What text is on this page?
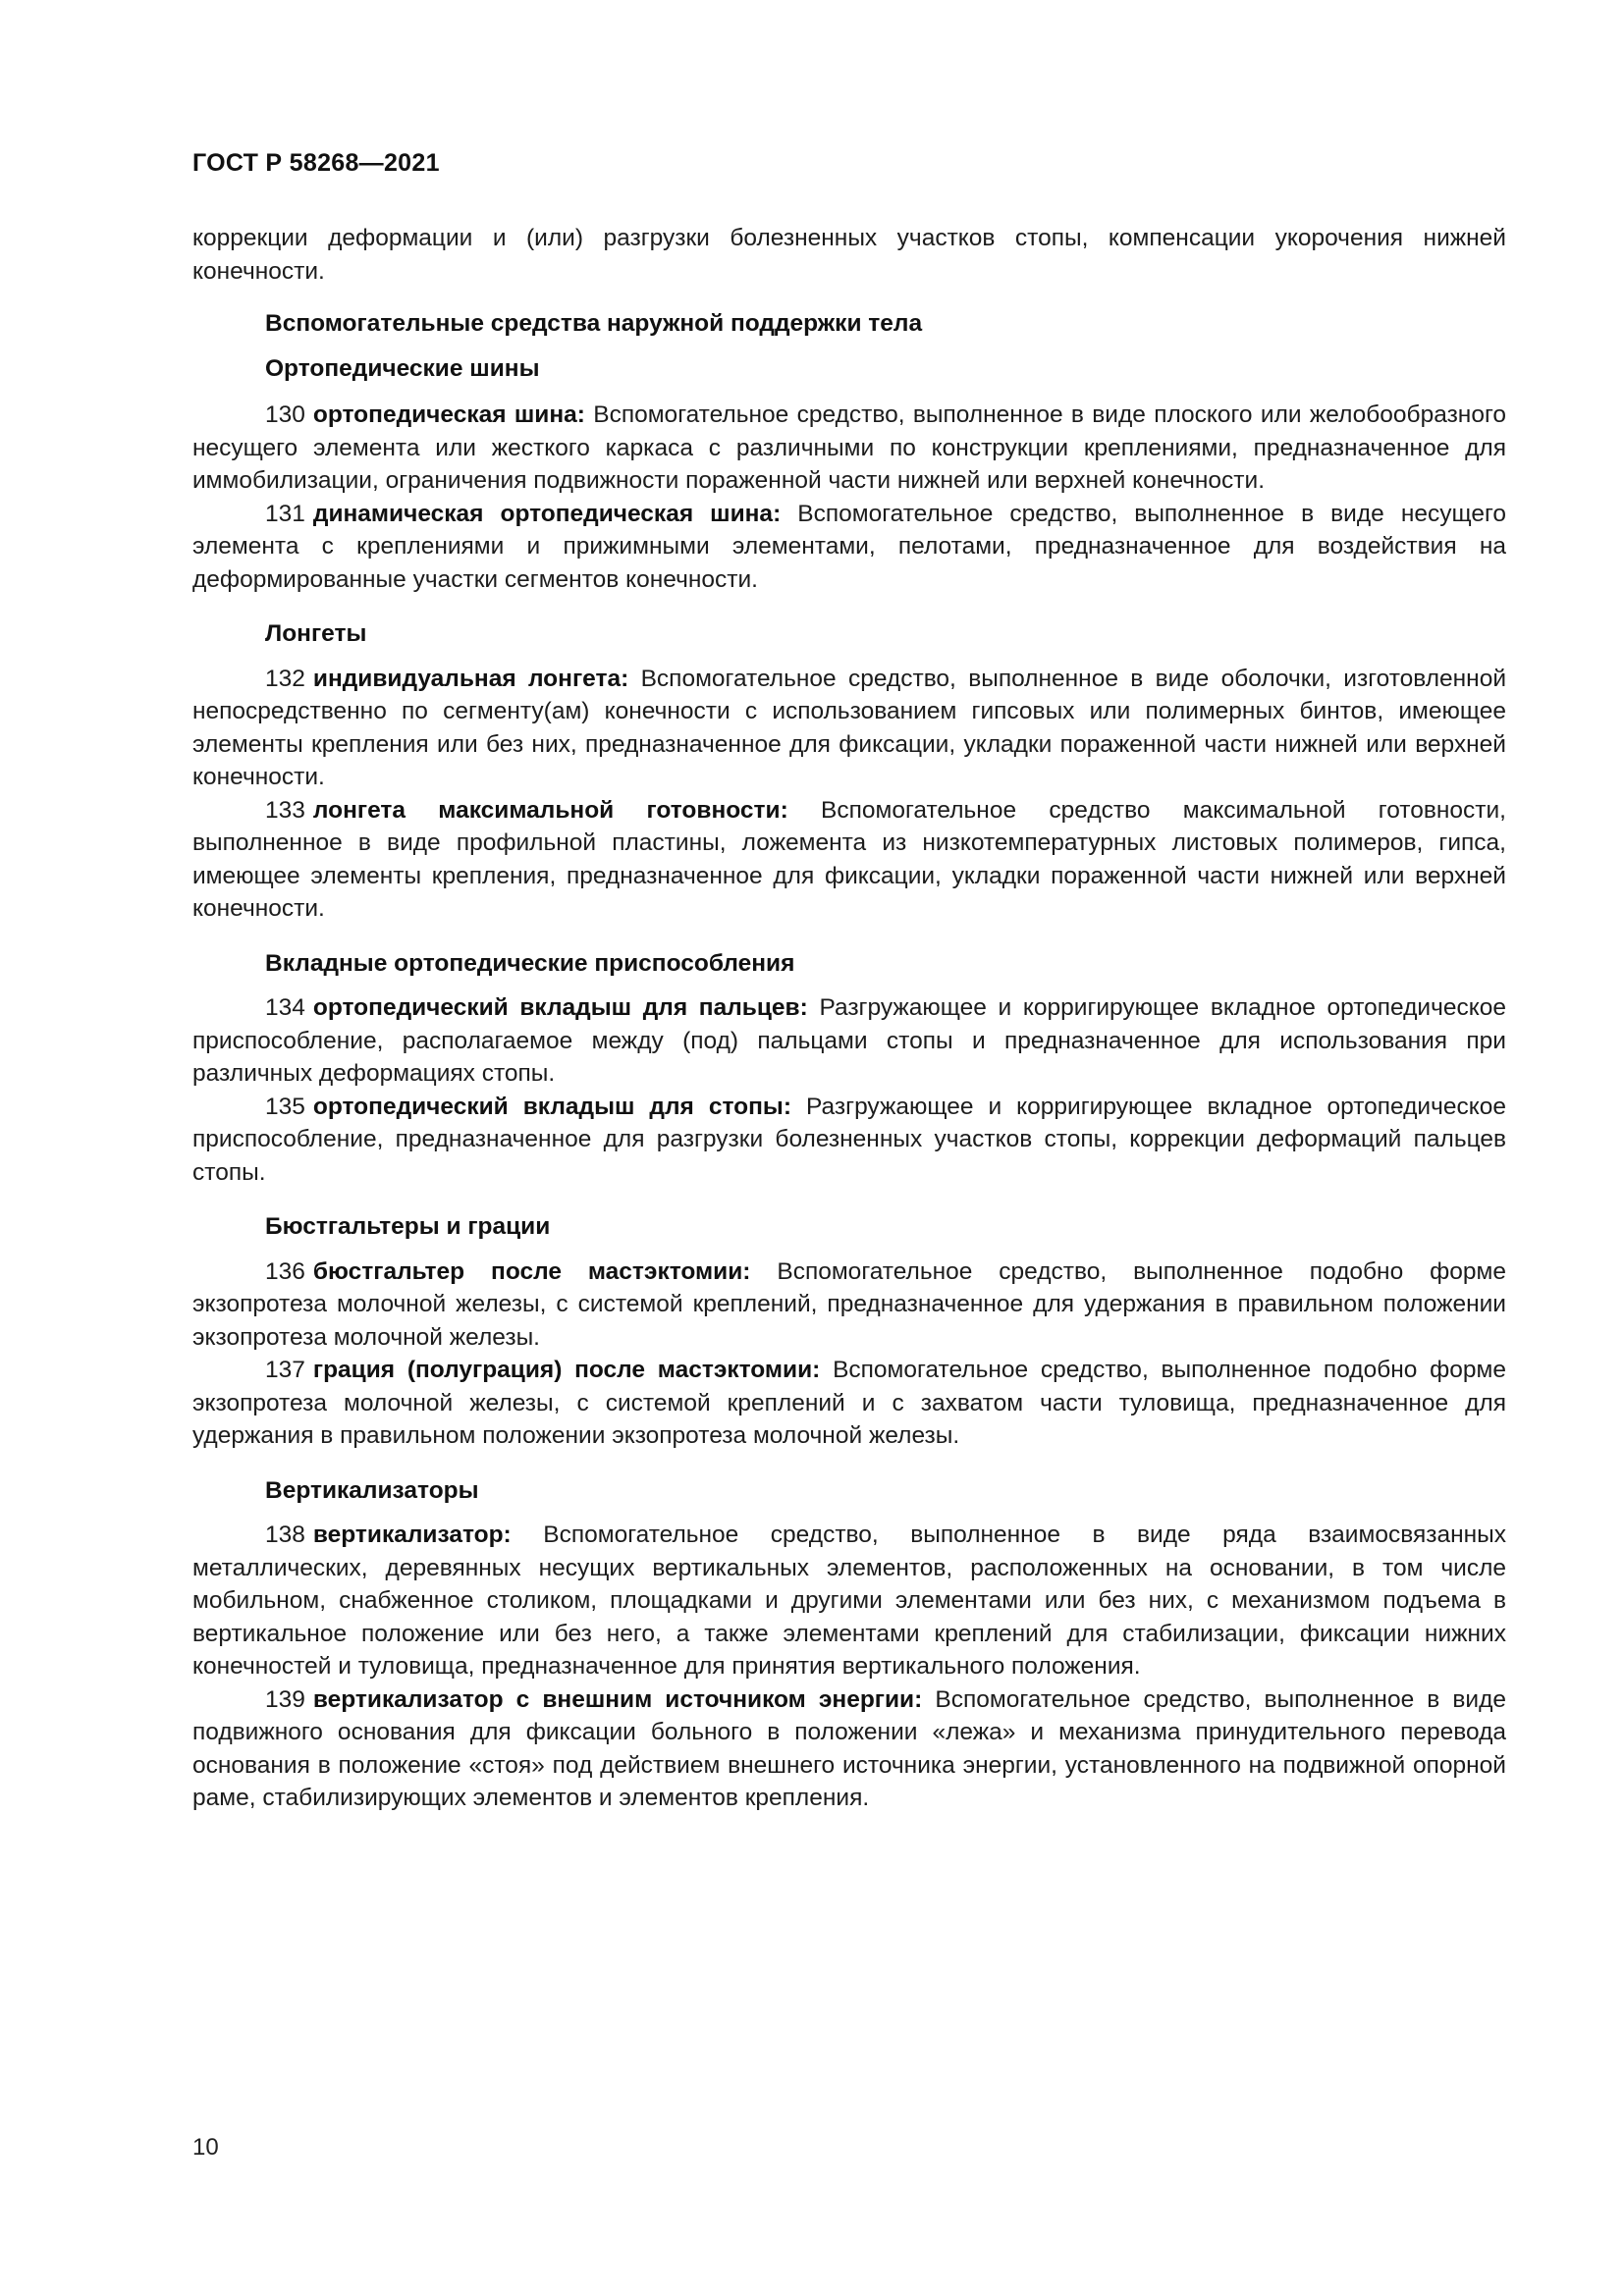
ГОСТ Р 58268—2021

коррекции деформации и (или) разгрузки болезненных участков стопы, компенсации укорочения нижней конечности.

Вспомогательные средства наружной поддержки тела
Ортопедические шины

130 ортопедическая шина: Вспомогательное средство, выполненное в виде плоского или желобообразного несущего элемента или жесткого каркаса с различными по конструкции креплениями, предназначенное для иммобилизации, ограничения подвижности пораженной части нижней или верхней конечности.

131 динамическая ортопедическая шина: Вспомогательное средство, выполненное в виде несущего элемента с креплениями и прижимными элементами, пелотами, предназначенное для воздействия на деформированные участки сегментов конечности.

Лонгеты

132 индивидуальная лонгета: Вспомогательное средство, выполненное в виде оболочки, изготовленной непосредственно по сегменту(ам) конечности с использованием гипсовых или полимерных бинтов, имеющее элементы крепления или без них, предназначенное для фиксации, укладки пораженной части нижней или верхней конечности.

133 лонгета максимальной готовности: Вспомогательное средство максимальной готовности, выполненное в виде профильной пластины, ложемента из низкотемпературных листовых полимеров, гипса, имеющее элементы крепления, предназначенное для фиксации, укладки пораженной части нижней или верхней конечности.

Вкладные ортопедические приспособления

134 ортопедический вкладыш для пальцев: Разгружающее и корригирующее вкладное ортопедическое приспособление, располагаемое между (под) пальцами стопы и предназначенное для использования при различных деформациях стопы.

135 ортопедический вкладыш для стопы: Разгружающее и корригирующее вкладное ортопедическое приспособление, предназначенное для разгрузки болезненных участков стопы, коррекции деформаций пальцев стопы.

Бюстгальтеры и грации

136 бюстгальтер после мастэктомии: Вспомогательное средство, выполненное подобно форме экзопротеза молочной железы, с системой креплений, предназначенное для удержания в правильном положении экзопротеза молочной железы.

137 грация (полуграция) после мастэктомии: Вспомогательное средство, выполненное подобно форме экзопротеза молочной железы, с системой креплений и с захватом части туловища, предназначенное для удержания в правильном положении экзопротеза молочной железы.

Вертикализаторы

138 вертикализатор: Вспомогательное средство, выполненное в виде ряда взаимосвязанных металлических, деревянных несущих вертикальных элементов, расположенных на основании, в том числе мобильном, снабженное столиком, площадками и другими элементами или без них, с механизмом подъема в вертикальное положение или без него, а также элементами креплений для стабилизации, фиксации нижних конечностей и туловища, предназначенное для принятия вертикального положения.

139 вертикализатор с внешним источником энергии: Вспомогательное средство, выполненное в виде подвижного основания для фиксации больного в положении «лежа» и механизма принудительного перевода основания в положение «стоя» под действием внешнего источника энергии, установленного на подвижной опорной раме, стабилизирующих элементов и элементов крепления.

10
